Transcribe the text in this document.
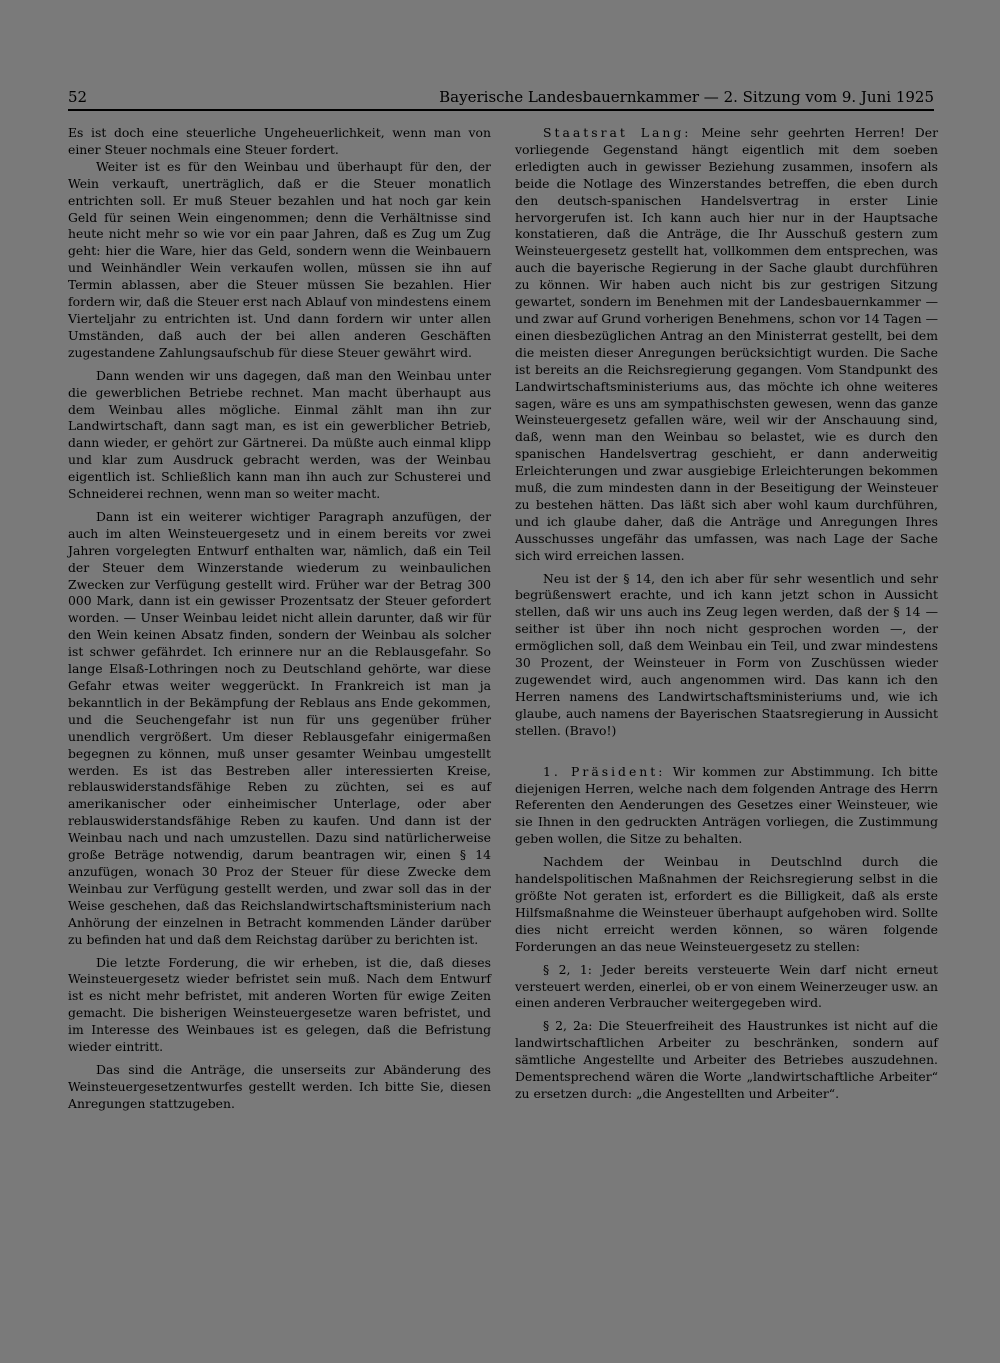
52	Bayerische Landesbauernkammer — 2. Sitzung vom 9. Juni 1925

Es ist doch eine steuerliche Ungeheuerlichkeit, wenn man von einer Steuer nochmals eine Steuer fordert.

Weiter ist es für den Weinbau und überhaupt für den, der Wein verkauft, unerträglich, daß er die Steuer monatlich entrichten soll. Er muß Steuer bezahlen und hat noch gar kein Geld für seinen Wein eingenommen; denn die Verhältnisse sind heute nicht mehr so wie vor ein paar Jahren, daß es Zug um Zug geht: hier die Ware, hier das Geld, sondern wenn die Weinbauern und Weinhändler Wein verkaufen wollen, müssen sie ihn auf Termin ablassen, aber die Steuer müssen Sie bezahlen. Hier fordern wir, daß die Steuer erst nach Ablauf von mindestens einem Vierteljahr zu entrichten ist. Und dann fordern wir unter allen Umständen, daß auch der bei allen anderen Geschäften zugestandene Zahlungsaufschub für diese Steuer gewährt wird.

Dann wenden wir uns dagegen, daß man den Weinbau unter die gewerblichen Betriebe rechnet. Man macht überhaupt aus dem Weinbau alles mögliche. Einmal zählt man ihn zur Landwirtschaft, dann sagt man, es ist ein gewerblicher Betrieb, dann wieder, er gehört zur Gärtnerei. Da müßte auch einmal klipp und klar zum Ausdruck gebracht werden, was der Weinbau eigentlich ist. Schließlich kann man ihn auch zur Schusterei und Schneiderei rechnen, wenn man so weiter macht.

Dann ist ein weiterer wichtiger Paragraph anzufügen, der auch im alten Weinsteuergesetz und in einem bereits vor zwei Jahren vorgelegten Entwurf enthalten war, nämlich, daß ein Teil der Steuer dem Winzerstande wiederum zu weinbaulichen Zwecken zur Verfügung gestellt wird. Früher war der Betrag 300 000 Mark, dann ist ein gewisser Prozentsatz der Steuer gefordert worden. — Unser Weinbau leidet nicht allein darunter, daß wir für den Wein keinen Absatz finden, sondern der Weinbau als solcher ist schwer gefährdet. Ich erinnere nur an die Reblausgefahr. So lange Elsaß-Lothringen noch zu Deutschland gehörte, war diese Gefahr etwas weiter weggerückt. In Frankreich ist man ja bekanntlich in der Bekämpfung der Reblaus ans Ende gekommen, und die Seuchengefahr ist nun für uns gegenüber früher unendlich vergrößert. Um dieser Reblausgefahr einigermaßen begegnen zu können, muß unser gesamter Weinbau umgestellt werden. Es ist das Bestreben aller interessierten Kreise, reblauswiderstandsfähige Reben zu züchten, sei es auf amerikanischer oder einheimischer Unterlage, oder aber reblauswiderstandsfähige Reben zu kaufen. Und dann ist der Weinbau nach und nach umzustellen. Dazu sind natürlicherweise große Beträge notwendig, darum beantragen wir, einen § 14 anzufügen, wonach 30 Proz der Steuer für diese Zwecke dem Weinbau zur Verfügung gestellt werden, und zwar soll das in der Weise geschehen, daß das Reichslandwirtschaftsministerium nach Anhörung der einzelnen in Betracht kommenden Länder darüber zu befinden hat und daß dem Reichstag darüber zu berichten ist.

Die letzte Forderung, die wir erheben, ist die, daß dieses Weinsteuergesetz wieder befristet sein muß. Nach dem Entwurf ist es nicht mehr befristet, mit anderen Worten für ewige Zeiten gemacht. Die bisherigen Weinsteuergesetze waren befristet, und im Interesse des Weinbaues ist es gelegen, daß die Befristung wieder eintritt.

Das sind die Anträge, die unserseits zur Abänderung des Weinsteuergesetzentwurfes gestellt werden. Ich bitte Sie, diesen Anregungen stattzugeben.

Staatsrat Lang: Meine sehr geehrten Herren! Der vorliegende Gegenstand hängt eigentlich mit dem soeben erledigten auch in gewisser Beziehung zusammen, insofern als beide die Notlage des Winzerstandes betreffen, die eben durch den deutsch-spanischen Handelsvertrag in erster Linie hervorgerufen ist. Ich kann auch hier nur in der Hauptsache konstatieren, daß die Anträge, die Ihr Ausschuß gestern zum Weinsteuergesetz gestellt hat, vollkommen dem entsprechen, was auch die bayerische Regierung in der Sache glaubt durchführen zu können. Wir haben auch nicht bis zur gestrigen Sitzung gewartet, sondern im Benehmen mit der Landesbauernkammer — und zwar auf Grund vorherigen Benehmens, schon vor 14 Tagen — einen diesbezüglichen Antrag an den Ministerrat gestellt, bei dem die meisten dieser Anregungen berücksichtigt wurden. Die Sache ist bereits an die Reichsregierung gegangen. Vom Standpunkt des Landwirtschaftsministeriums aus, das möchte ich ohne weiteres sagen, wäre es uns am sympathischsten gewesen, wenn das ganze Weinsteuergesetz gefallen wäre, weil wir der Anschauung sind, daß, wenn man den Weinbau so belastet, wie es durch den spanischen Handelsvertrag geschieht, er dann anderweitig Erleichterungen und zwar ausgiebige Erleichterungen bekommen muß, die zum mindesten dann in der Beseitigung der Weinsteuer zu bestehen hätten. Das läßt sich aber wohl kaum durchführen, und ich glaube daher, daß die Anträge und Anregungen Ihres Ausschusses ungefähr das umfassen, was nach Lage der Sache sich wird erreichen lassen.

Neu ist der § 14, den ich aber für sehr wesentlich und sehr begrüßenswert erachte, und ich kann jetzt schon in Aussicht stellen, daß wir uns auch ins Zeug legen werden, daß der § 14 — seither ist über ihn noch nicht gesprochen worden —, der ermöglichen soll, daß dem Weinbau ein Teil, und zwar mindestens 30 Prozent, der Weinsteuer in Form von Zuschüssen wieder zugewendet wird, auch angenommen wird. Das kann ich den Herren namens des Landwirtschaftsministeriums und, wie ich glaube, auch namens der Bayerischen Staatsregierung in Aussicht stellen. (Bravo!)

1. Präsident: Wir kommen zur Abstimmung. Ich bitte diejenigen Herren, welche nach dem folgenden Antrage des Herrn Referenten den Aenderungen des Gesetzes einer Weinsteuer, wie sie Ihnen in den gedruckten Anträgen vorliegen, die Zustimmung geben wollen, die Sitze zu behalten.

Nachdem der Weinbau in Deutschlnd durch die handelspolitischen Maßnahmen der Reichsregierung selbst in die größte Not geraten ist, erfordert es die Billigkeit, daß als erste Hilfsmaßnahme die Weinsteuer überhaupt aufgehoben wird. Sollte dies nicht erreicht werden können, so wären folgende Forderungen an das neue Weinsteuergesetz zu stellen:

§ 2, 1: Jeder bereits versteuerte Wein darf nicht erneut versteuert werden, einerlei, ob er von einem Weinerzeuger usw. an einen anderen Verbraucher weitergegeben wird.

§ 2, 2a: Die Steuerfreiheit des Haustrunkes ist nicht auf die landwirtschaftlichen Arbeiter zu beschränken, sondern auf sämtliche Angestellte und Arbeiter des Betriebes auszudehnen. Dementsprechend wären die Worte „landwirtschaftliche Arbeiter“ zu ersetzen durch: „die Angestellten und Arbeiter“.
